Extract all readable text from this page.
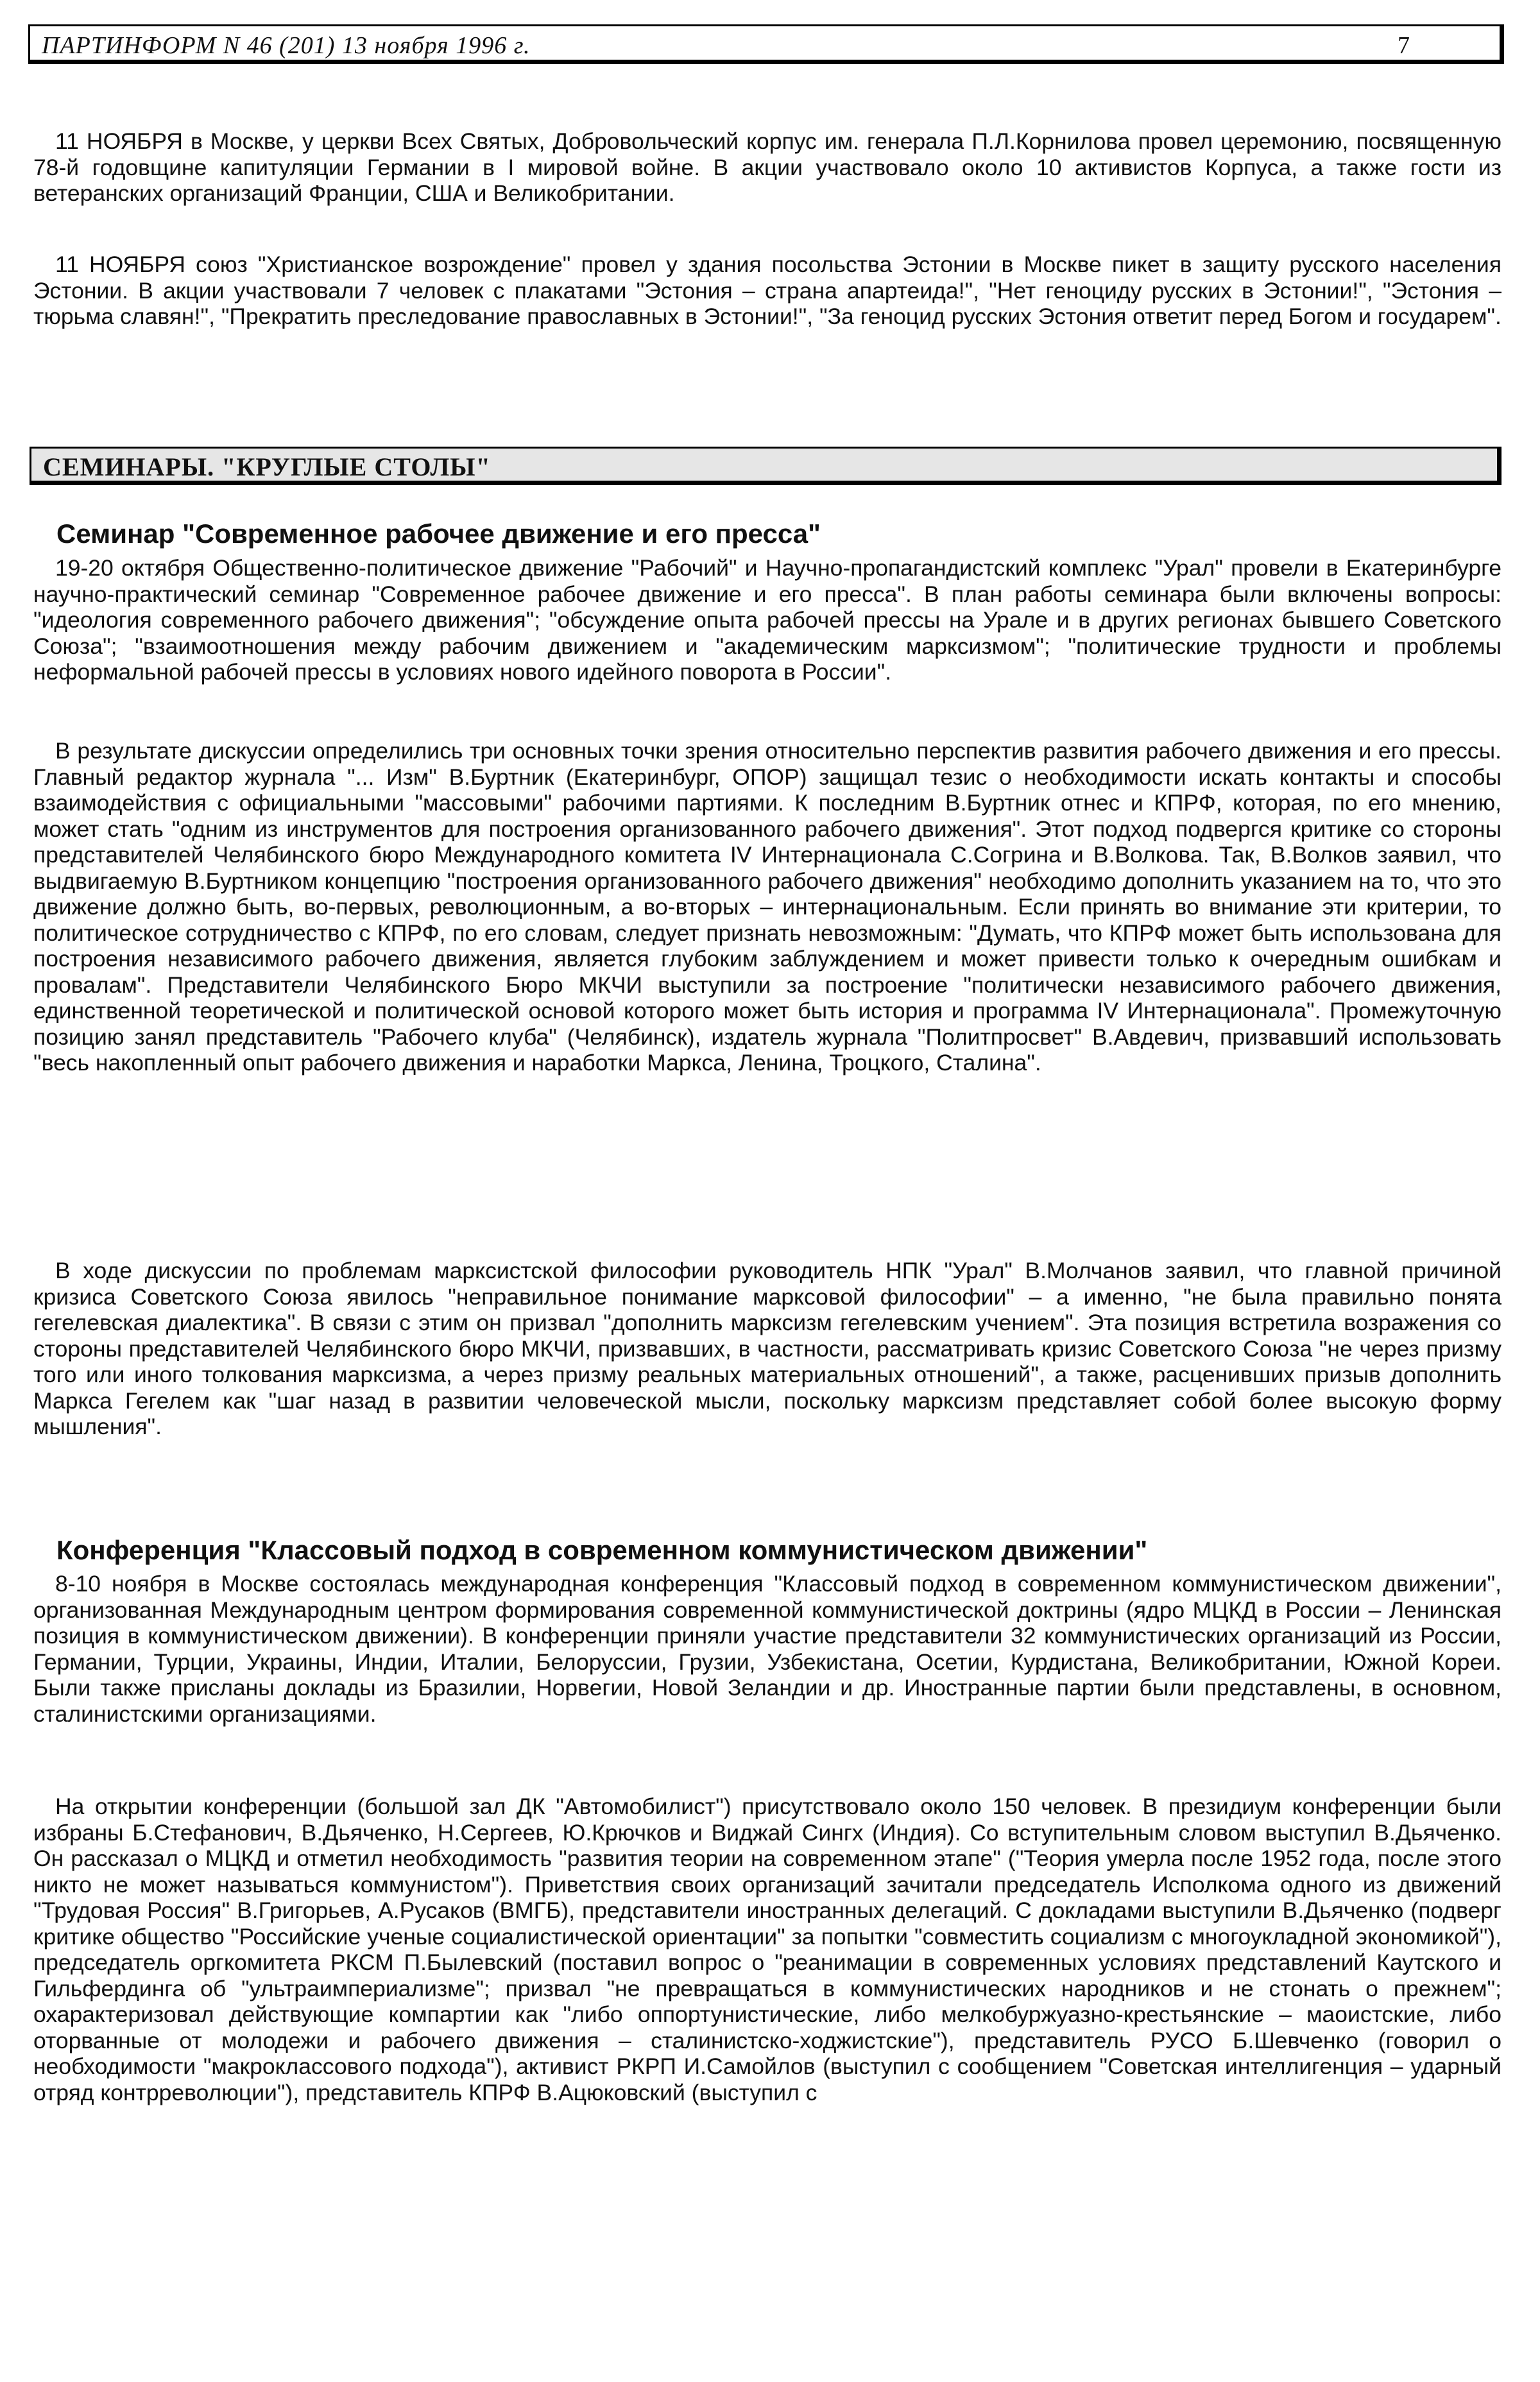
ПАРТИНФОРМ N 46 (201) 13 ноября 1996 г.	7

11 НОЯБРЯ в Москве, у церкви Всех Святых, Добровольческий корпус им. генерала П.Л.Корнилова провел церемонию, посвященную 78-й годовщине капитуляции Германии в I мировой войне. В акции участвовало около 10 активистов Корпуса, а также гости из ветеранских организаций Франции, США и Великобритании.

11 НОЯБРЯ союз "Христианское возрождение" провел у здания посольства Эстонии в Москве пикет в защиту русского населения Эстонии. В акции участвовали 7 человек с плакатами "Эстония – страна апартеида!", "Нет геноциду русских в Эстонии!", "Эстония – тюрьма славян!", "Прекратить преследование православных в Эстонии!", "За геноцид русских Эстония ответит перед Богом и государем".

СЕМИНАРЫ. "КРУГЛЫЕ СТОЛЫ"
Семинар "Современное рабочее движение и его пресса"

19-20 октября Общественно-политическое движение "Рабочий" и Научно-пропагандистский комплекс "Урал" провели в Екатеринбурге научно-практический семинар "Современное рабочее движение и его пресса". В план работы семинара были включены вопросы: "идеология современного рабочего движения"; "обсуждение опыта рабочей прессы на Урале и в других регионах бывшего Советского Союза"; "взаимоотношения между рабочим движением и "академическим марксизмом"; "политические трудности и проблемы неформальной рабочей прессы в условиях нового идейного поворота в России".

В результате дискуссии определились три основных точки зрения относительно перспектив развития рабочего движения и его прессы. Главный редактор журнала "... Изм" В.Буртник (Екатеринбург, ОПОР) защищал тезис о необходимости искать контакты и способы взаимодействия с официальными "массовыми" рабочими партиями. К последним В.Буртник отнес и КПРФ, которая, по его мнению, может стать "одним из инструментов для построения организованного рабочего движения". Этот подход подвергся критике со стороны представителей Челябинского бюро Международного комитета IV Интернационала С.Согрина и В.Волкова. Так, В.Волков заявил, что выдвигаемую В.Буртником концепцию "построения организованного рабочего движения" необходимо дополнить указанием на то, что это движение должно быть, во-первых, революционным, а во-вторых – интернациональным. Если принять во внимание эти критерии, то политическое сотрудничество с КПРФ, по его словам, следует признать невозможным: "Думать, что КПРФ может быть использована для построения независимого рабочего движения, является глубоким заблуждением и может привести только к очередным ошибкам и провалам". Представители Челябинского Бюро МКЧИ выступили за построение "политически независимого рабочего движения, единственной теоретической и политической основой которого может быть история и программа IV Интернационала". Промежуточную позицию занял представитель "Рабочего клуба" (Челябинск), издатель журнала "Политпросвет" В.Авдевич, призвавший использовать "весь накопленный опыт рабочего движения и наработки Маркса, Ленина, Троцкого, Сталина".

В ходе дискуссии по проблемам марксистской философии руководитель НПК "Урал" В.Молчанов заявил, что главной причиной кризиса Советского Союза явилось "неправильное понимание марксовой философии" – а именно, "не была правильно понята гегелевская диалектика". В связи с этим он призвал "дополнить марксизм гегелевским учением". Эта позиция встретила возражения со стороны представителей Челябинского бюро МКЧИ, призвавших, в частности, рассматривать кризис Советского Союза "не через призму того или иного толкования марксизма, а через призму реальных материальных отношений", а также, расценивших призыв дополнить Маркса Гегелем как "шаг назад в развитии человеческой мысли, поскольку марксизм представляет собой более высокую форму мышления".

Конференция "Классовый подход в современном коммунистическом движении"

8-10 ноября в Москве состоялась международная конференция "Классовый подход в современном коммунистическом движении", организованная Международным центром формирования современной коммунистической доктрины (ядро МЦКД в России – Ленинская позиция в коммунистическом движении). В конференции приняли участие представители 32 коммунистических организаций из России, Германии, Турции, Украины, Индии, Италии, Белоруссии, Грузии, Узбекистана, Осетии, Курдистана, Великобритании, Южной Кореи. Были также присланы доклады из Бразилии, Норвегии, Новой Зеландии и др. Иностранные партии были представлены, в основном, сталинистскими организациями.

На открытии конференции (большой зал ДК "Автомобилист") присутствовало около 150 человек. В президиум конференции были избраны Б.Стефанович, В.Дьяченко, Н.Сергеев, Ю.Крючков и Виджай Сингх (Индия). Со вступительным словом выступил В.Дьяченко. Он рассказал о МЦКД и отметил необходимость "развития теории на современном этапе" ("Теория умерла после 1952 года, после этого никто не может называться коммунистом"). Приветствия своих организаций зачитали председатель Исполкома одного из движений "Трудовая Россия" В.Григорьев, А.Русаков (ВМГБ), представители иностранных делегаций. С докладами выступили В.Дьяченко (подверг критике общество "Российские ученые социалистической ориентации" за попытки "совместить социализм с многоукладной экономикой"), председатель оргкомитета РКСМ П.Былевский (поставил вопрос о "реанимации в современных условиях представлений Каутского и Гильфердинга об "ультраимпериализме"; призвал "не превращаться в коммунистических народников и не стонать о прежнем"; охарактеризовал действующие компартии как "либо оппортунистические, либо мелкобуржуазно-крестьянские – маоистские, либо оторванные от молодежи и рабочего движения – сталинистско-ходжистские"), представитель РУСО Б.Шевченко (говорил о необходимости "макроклассового подхода"), активист РКРП И.Самойлов (выступил с сообщением "Советская интеллигенция – ударный отряд контрреволюции"), представитель КПРФ В.Ацюковский (выступил с
